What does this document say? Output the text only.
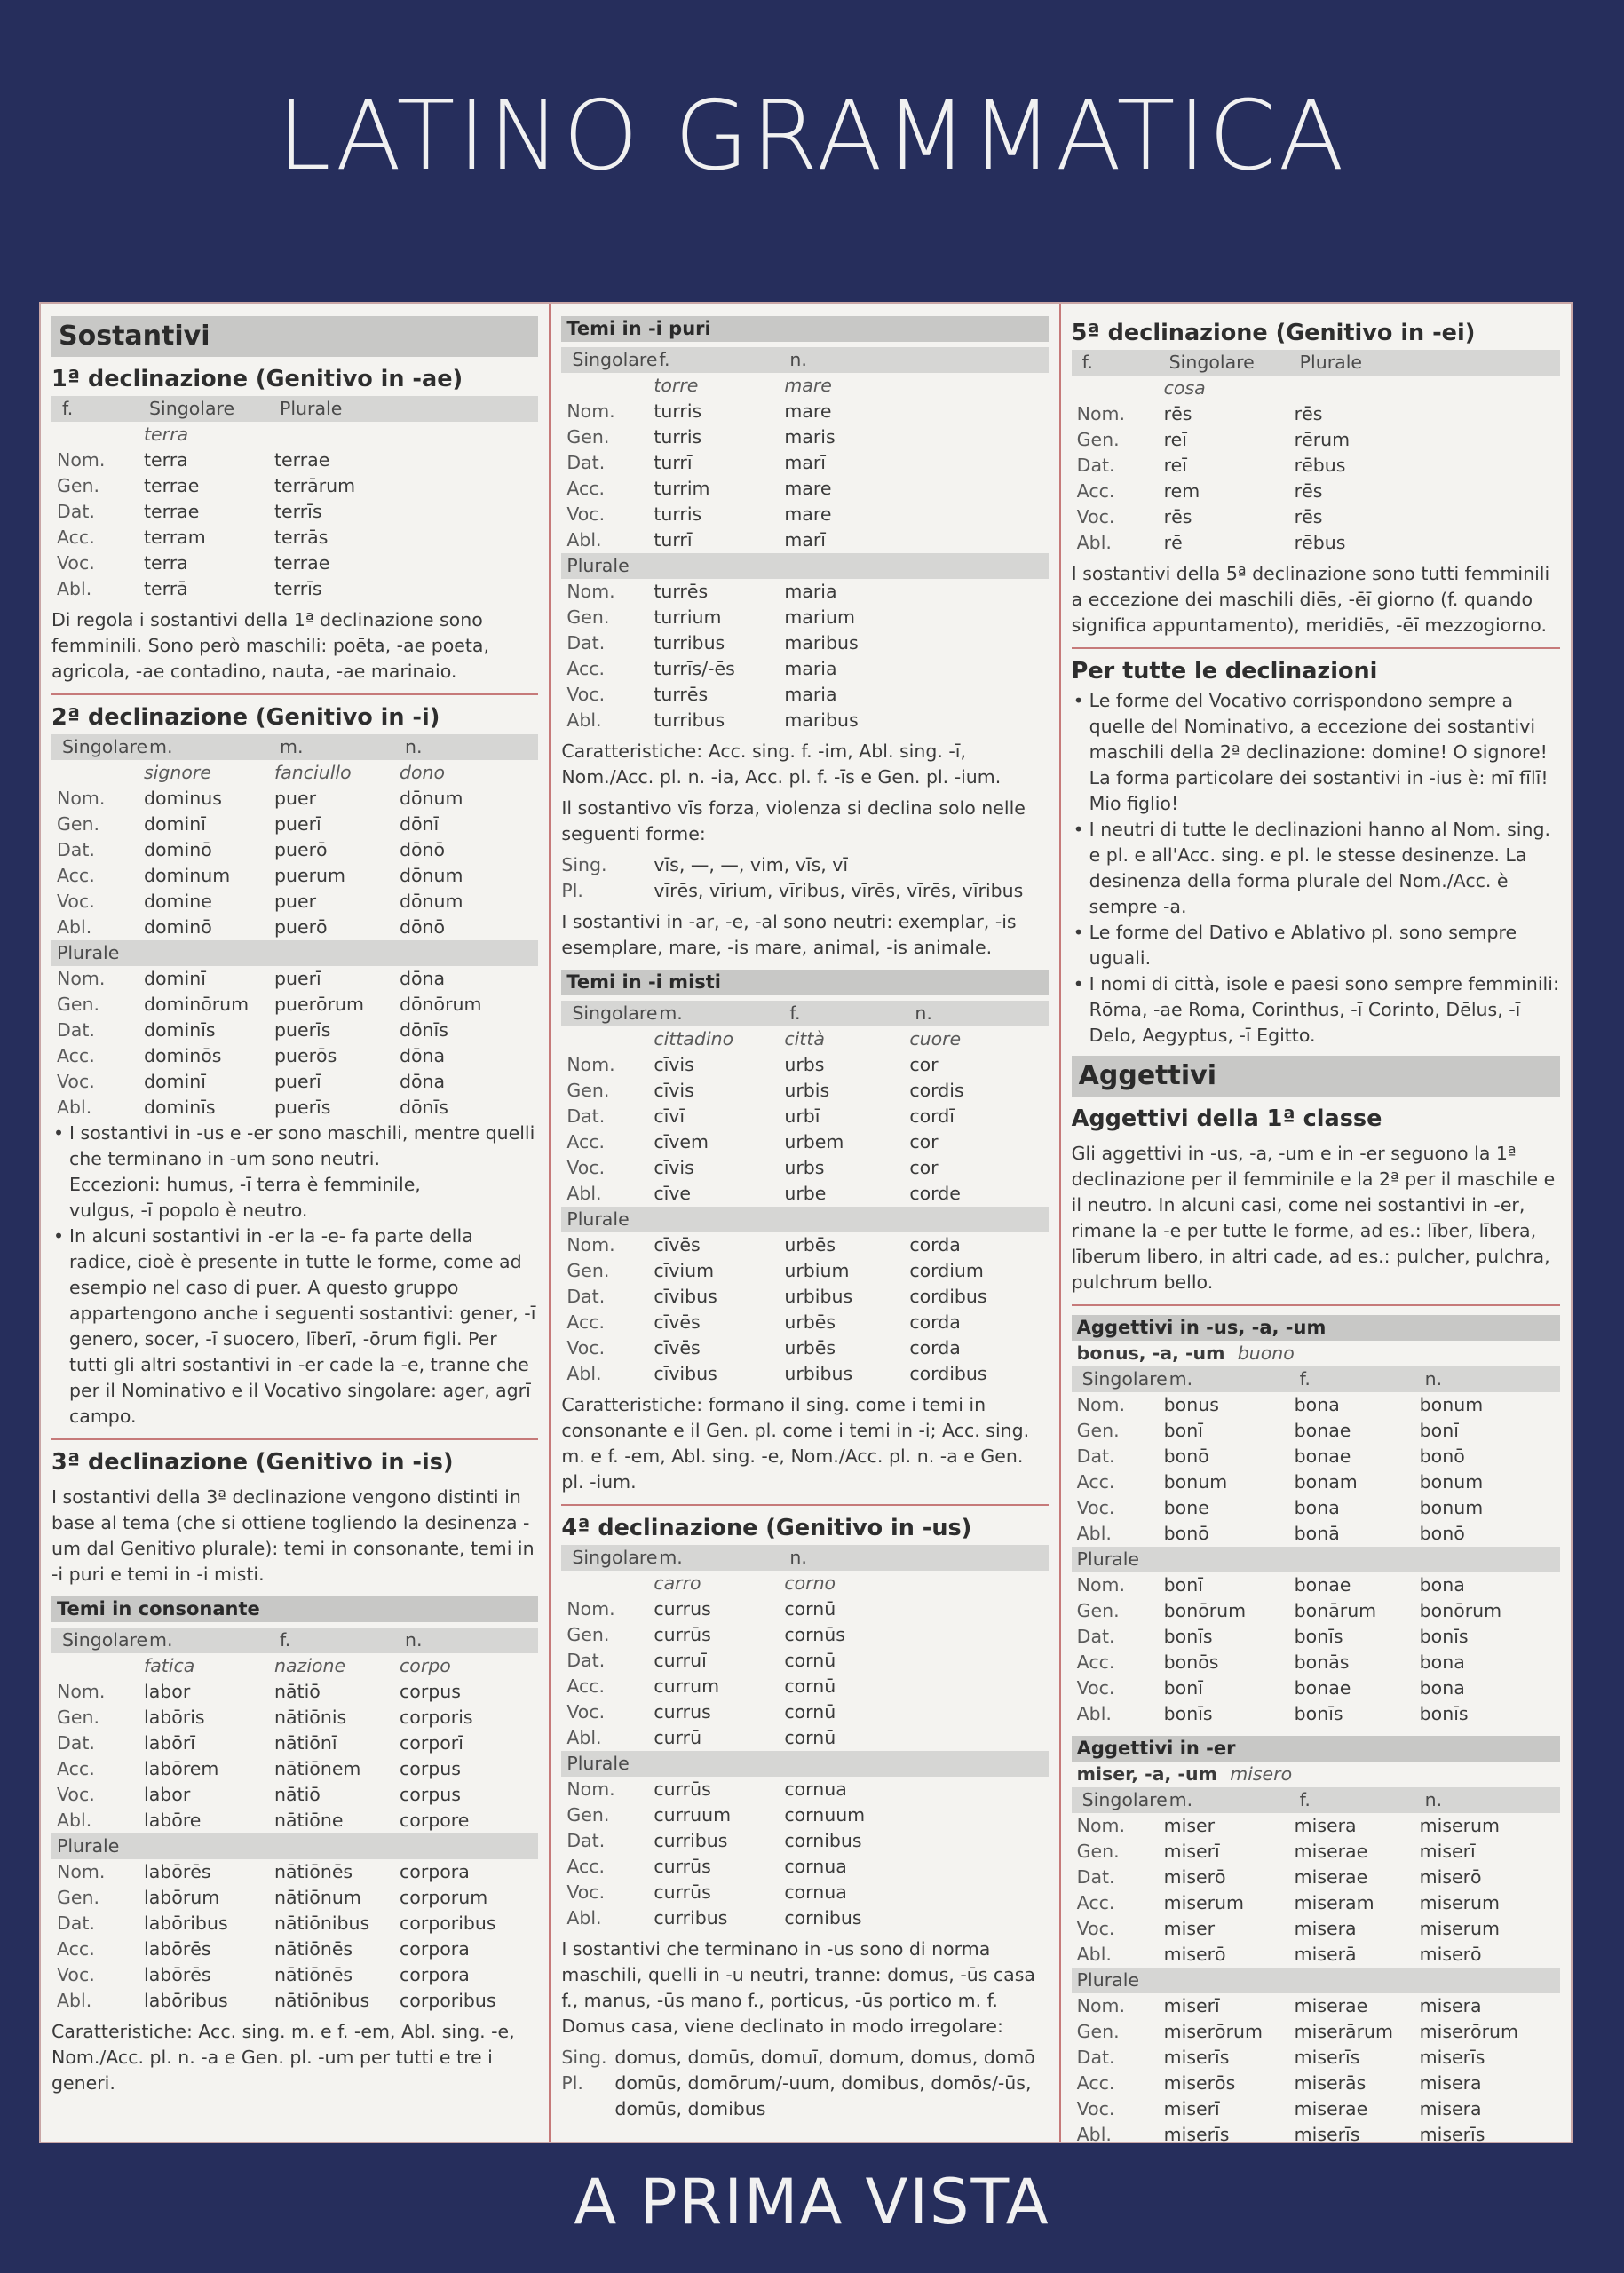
LATINO GRAMMATICA
Sostantivi
1ª declinazione (Genitivo in -ae)
f.	Singolare Plurale
terra
Nom. terra	terrae
Gen. terrae	terrārum
Dat.	terrae	terrīs
Acc.	terram	terrās
Voc.	terra	terrae
Abl.	terrā	terrīs
Di regola i sostantivi della 1ª declinazione sono femminili. Sono però maschili: poēta, -ae poeta, agricola, -ae contadino, nauta, -ae marinaio.
2ª declinazione (Genitivo in -i)
Singolarem.	m.	n.
signore	fanciullo	dono
Nom. dominus	puer	dōnum
Gen. dominī	puerī	dōnī
Dat.	dominō	puerō	dōnō
Acc.	dominum puerum	dōnum
Voc.	domine	puer	dōnum
Abl.	dominō	puerō	dōnō
Plurale
Nom. dominī	puerī	dōna
Gen. dominōrum puerōrum dōnōrum
Dat.	dominīs	puerīs	dōnīs
Acc.	dominōs	puerōs	dōna
Voc.	dominī	puerī	dōna
Abl.	dominīs	puerīs	dōnīs
• I sostantivi in -us e -er sono maschili, mentre quelli che terminano in -um sono neutri.
Eccezioni: humus, -ī terra è femminile,
vulgus, -ī popolo è neutro.
• In alcuni sostantivi in -er la -e- fa parte della radice, cioè è presente in tutte le forme, come ad esempio nel caso di puer. A questo gruppo appartengono anche i seguenti sostantivi: gener, -ī genero, socer, -ī suocero, līberī, -ōrum figli. Per tutti gli altri sostantivi in -er cade la -e, tranne che per il Nominativo e il Vocativo singolare: ager, agrī campo.
3ª declinazione (Genitivo in -is)
I sostantivi della 3ª declinazione vengono distinti in base al tema (che si ottiene togliendo la desinenza -um dal Genitivo plurale): temi in consonante, temi in -i puri e temi in -i misti.
Temi in consonante
Singolarem.	f.	n.
fatica	nazione	corpo
Nom. labor	nātiō	corpus
Gen. labōris	nātiōnis	corporis
Dat.	labōrī	nātiōnī	corporī
Acc.	labōrem	nātiōnem corpus
Voc.	labor	nātiō	corpus
Abl.	labōre	nātiōne	corpore
Plurale
Nom. labōrēs	nātiōnēs	corpora
Gen. labōrum	nātiōnum corporum
Dat.	labōribus	nātiōnibus corporibus
Acc.	labōrēs	nātiōnēs	corpora
Voc.	labōrēs	nātiōnēs	corpora
Abl.	labōribus	nātiōnibus corporibus
Caratteristiche: Acc. sing. m. e f. -em, Abl. sing. -e, Nom./Acc. pl. n. -a e Gen. pl. -um per tutti e tre i generi.
Temi in -i puri
Singolaref.	n.
torre	mare
Nom. turris	mare
Gen. turris	maris
Dat.	turrī	marī
Acc.	turrim	mare
Voc.	turris	mare
Abl.	turrī	marī
Plurale
Nom. turrēs	maria
Gen. turrium	marium
Dat.	turribus	maribus
Acc.	turrīs/-ēs	maria
Voc.	turrēs	maria
Abl.	turribus	maribus
Caratteristiche: Acc. sing. f. -im, Abl. sing. -ī, Nom./Acc. pl. n. -ia, Acc. pl. f. -īs e Gen. pl. -ium.
Il sostantivo vīs forza, violenza si declina solo nelle seguenti forme:
Sing.	vīs, —, —, vim, vīs, vī
Pl.	vīrēs, vīrium, vīribus, vīrēs, vīrēs, vīribus
I sostantivi in -ar, -e, -al sono neutri: exemplar, -is esemplare, mare, -is mare, animal, -is animale.
Temi in -i misti
Singolarem.	f.	n.
cittadino	città	cuore
Nom. cīvis	urbs	cor
Gen. cīvis	urbis	cordis
Dat.	cīvī	urbī	cordī
Acc.	cīvem	urbem	cor
Voc.	cīvis	urbs	cor
Abl.	cīve	urbe	corde
Plurale
Nom. cīvēs	urbēs	corda
Gen. cīvium	urbium	cordium
Dat.	cīvibus	urbibus	cordibus
Acc.	cīvēs	urbēs	corda
Voc.	cīvēs	urbēs	corda
Abl.	cīvibus	urbibus	cordibus
Caratteristiche: formano il sing. come i temi in consonante e il Gen. pl. come i temi in -i; Acc. sing. m. e f. -em, Abl. sing. -e, Nom./Acc. pl. n. -a e Gen. pl. -ium.
4ª declinazione (Genitivo in -us)
Singolarem.	n.
carro	corno
Nom. currus	cornū
Gen. currūs	cornūs
Dat.	curruī	cornū
Acc.	currum	cornū
Voc.	currus	cornū
Abl.	currū	cornū
Plurale
Nom. currūs	cornua
Gen. curruum	cornuum
Dat.	curribus	cornibus
Acc.	currūs	cornua
Voc.	currūs	cornua
Abl.	curribus	cornibus
I sostantivi che terminano in -us sono di norma maschili, quelli in -u neutri, tranne: domus, -ūs casa f., manus, -ūs mano f., porticus, -ūs portico m. f. Domus casa, viene declinato in modo irregolare:
Sing. domus, domūs, domuī, domum, domus, domō
Pl.	domūs, domōrum/-uum, domibus, domōs/-ūs, domūs, domibus
5ª declinazione (Genitivo in -ei)
f.	Singolare Plurale
cosa
Nom. rēs	rēs
Gen. reī	rērum
Dat.	reī	rēbus
Acc.	rem	rēs
Voc.	rēs	rēs
Abl.	rē	rēbus
I sostantivi della 5ª declinazione sono tutti femminili a eccezione dei maschili diēs, -ēī giorno (f. quando significa appuntamento), meridiēs, -ēī mezzogiorno.
Per tutte le declinazioni
• Le forme del Vocativo corrispondono sempre a quelle del Nominativo, a eccezione dei sostantivi maschili della 2ª declinazione: domine! O signore! La forma particolare dei sostantivi in -ius è: mī fīlī! Mio figlio!
• I neutri di tutte le declinazioni hanno al Nom. sing. e pl. e all'Acc. sing. e pl. le stesse desinenze. La desinenza della forma plurale del Nom./Acc. è sempre -a.
• Le forme del Dativo e Ablativo pl. sono sempre uguali.
• I nomi di città, isole e paesi sono sempre femminili: Rōma, -ae Roma, Corinthus, -ī Corinto, Dēlus, -ī Delo, Aegyptus, -ī Egitto.
Aggettivi
Aggettivi della 1ª classe
Gli aggettivi in -us, -a, -um e in -er seguono la 1ª declinazione per il femminile e la 2ª per il maschile e il neutro. In alcuni casi, come nei sostantivi in -er, rimane la -e per tutte le forme, ad es.: līber, lībera, līberum libero, in altri cade, ad es.: pulcher, pulchra, pulchrum bello.
Aggettivi in -us, -a, -um
bonus, -a, -um buono
Singolarem.	f.	n.
Nom. bonus	bona	bonum
Gen. bonī	bonae	bonī
Dat.	bonō	bonae	bonō
Acc.	bonum	bonam	bonum
Voc.	bone	bona	bonum
Abl.	bonō	bonā	bonō
Plurale
Nom. bonī	bonae	bona
Gen. bonōrum	bonārum bonōrum
Dat.	bonīs	bonīs	bonīs
Acc.	bonōs	bonās	bona
Voc.	bonī	bonae	bona
Abl.	bonīs	bonīs	bonīs
Aggettivi in -er
miser, -a, -um misero
Singolarem.	f.	n.
Nom. miser	misera	miserum
Gen. miserī	miserae	miserī
Dat.	miserō	miserae	miserō
Acc.	miserum	miseram miserum
Voc.	miser	misera	miserum
Abl.	miserō	miserā	miserō
Plurale
Nom. miserī	miserae	misera
Gen. miserōrum miserārum miserōrum
Dat.	miserīs	miserīs	miserīs
Acc.	miserōs	miserās	misera
Voc.	miserī	miserae	misera
Abl.	miserīs	miserīs	miserīs
A PRIMA VISTA
